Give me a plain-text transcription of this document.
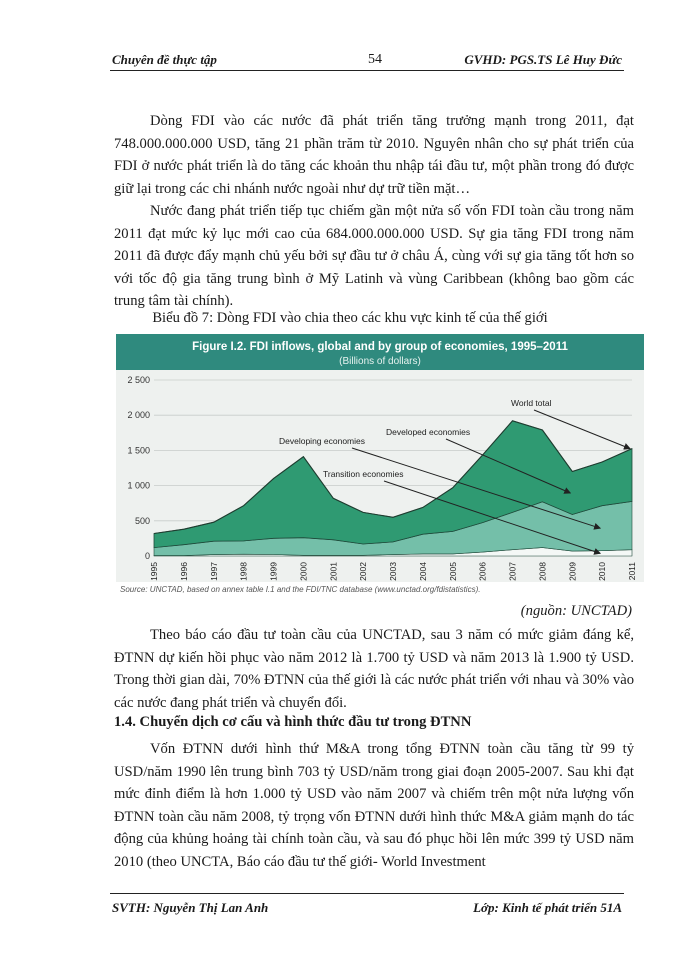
Chuyên đề thực tập	54	GVHD: PGS.TS Lê Huy Đức

Dòng FDI vào các nước đã phát triển tăng trưởng mạnh trong 2011, đạt 748.000.000.000 USD, tăng 21 phần trăm từ 2010. Nguyên nhân cho sự phát triển của FDI ở nước phát triển là do tăng các khoản thu nhập tái đầu tư, một phần trong đó được giữ lại trong các chi nhánh nước ngoài như dự trữ tiền mặt…

Nước đang phát triển tiếp tục chiếm gần một nửa số vốn FDI toàn cầu trong năm 2011 đạt mức kỷ lục mới cao của 684.000.000.000 USD. Sự gia tăng FDI trong năm 2011 đã được đẩy mạnh chủ yếu bởi sự đầu tư ở châu Á, cùng với sự gia tăng tốt hơn so với tốc độ gia tăng trung bình ở Mỹ Latinh và vùng Caribbean (không bao gồm các trung tâm tài chính).

Biểu đồ 7: Dòng FDI vào chia theo các khu vực kinh tế của thế giới
Figure I.2. FDI inflows, global and by group of economies, 1995–2011
(Billions of dollars)
World total
Developed economies
Developing economies
Transition economies
1995 1996 1997 1998 1999 2000 2001 2002 2003 2004 2005 2006 2007 2008 2009 2010 2011
0
500
1 000
1 500
2 000
2 500
Source: UNCTAD, based on annex table I.1 and the FDI/TNC database (www.unctad.org/fdistatistics).
(nguồn: UNCTAD)

Theo báo cáo đầu tư toàn cầu của UNCTAD, sau 3 năm có mức giảm đáng kể, ĐTNN dự kiến hồi phục vào năm 2012 là 1.700 tỷ USD và năm 2013 là 1.900 tỷ USD. Trong thời gian dài, 70% ĐTNN của thế giới là các nước phát triển với nhau và 30% vào các nước đang phát triển và chuyển đổi.

1.4. Chuyển dịch cơ cấu và hình thức đầu tư trong ĐTNN

Vốn ĐTNN dưới hình thứ M&A trong tổng ĐTNN toàn cầu tăng từ 99 tỷ USD/năm 1990 lên trung bình 703 tỷ USD/năm trong giai đoạn 2005-2007. Sau khi đạt mức đỉnh điểm là hơn 1.000 tỷ USD vào năm 2007 và chiếm trên một nửa lượng vốn ĐTNN toàn cầu năm 2008, tỷ trọng vốn ĐTNN dưới hình thức M&A giảm mạnh do tác động của khủng hoảng tài chính toàn cầu, và sau đó phục hồi lên mức 399 tỷ USD năm 2010 (theo UNCTA, Báo cáo đầu tư thế giới- World Investment

SVTH: Nguyễn Thị Lan Anh	Lớp: Kinh tế phát triển 51A
